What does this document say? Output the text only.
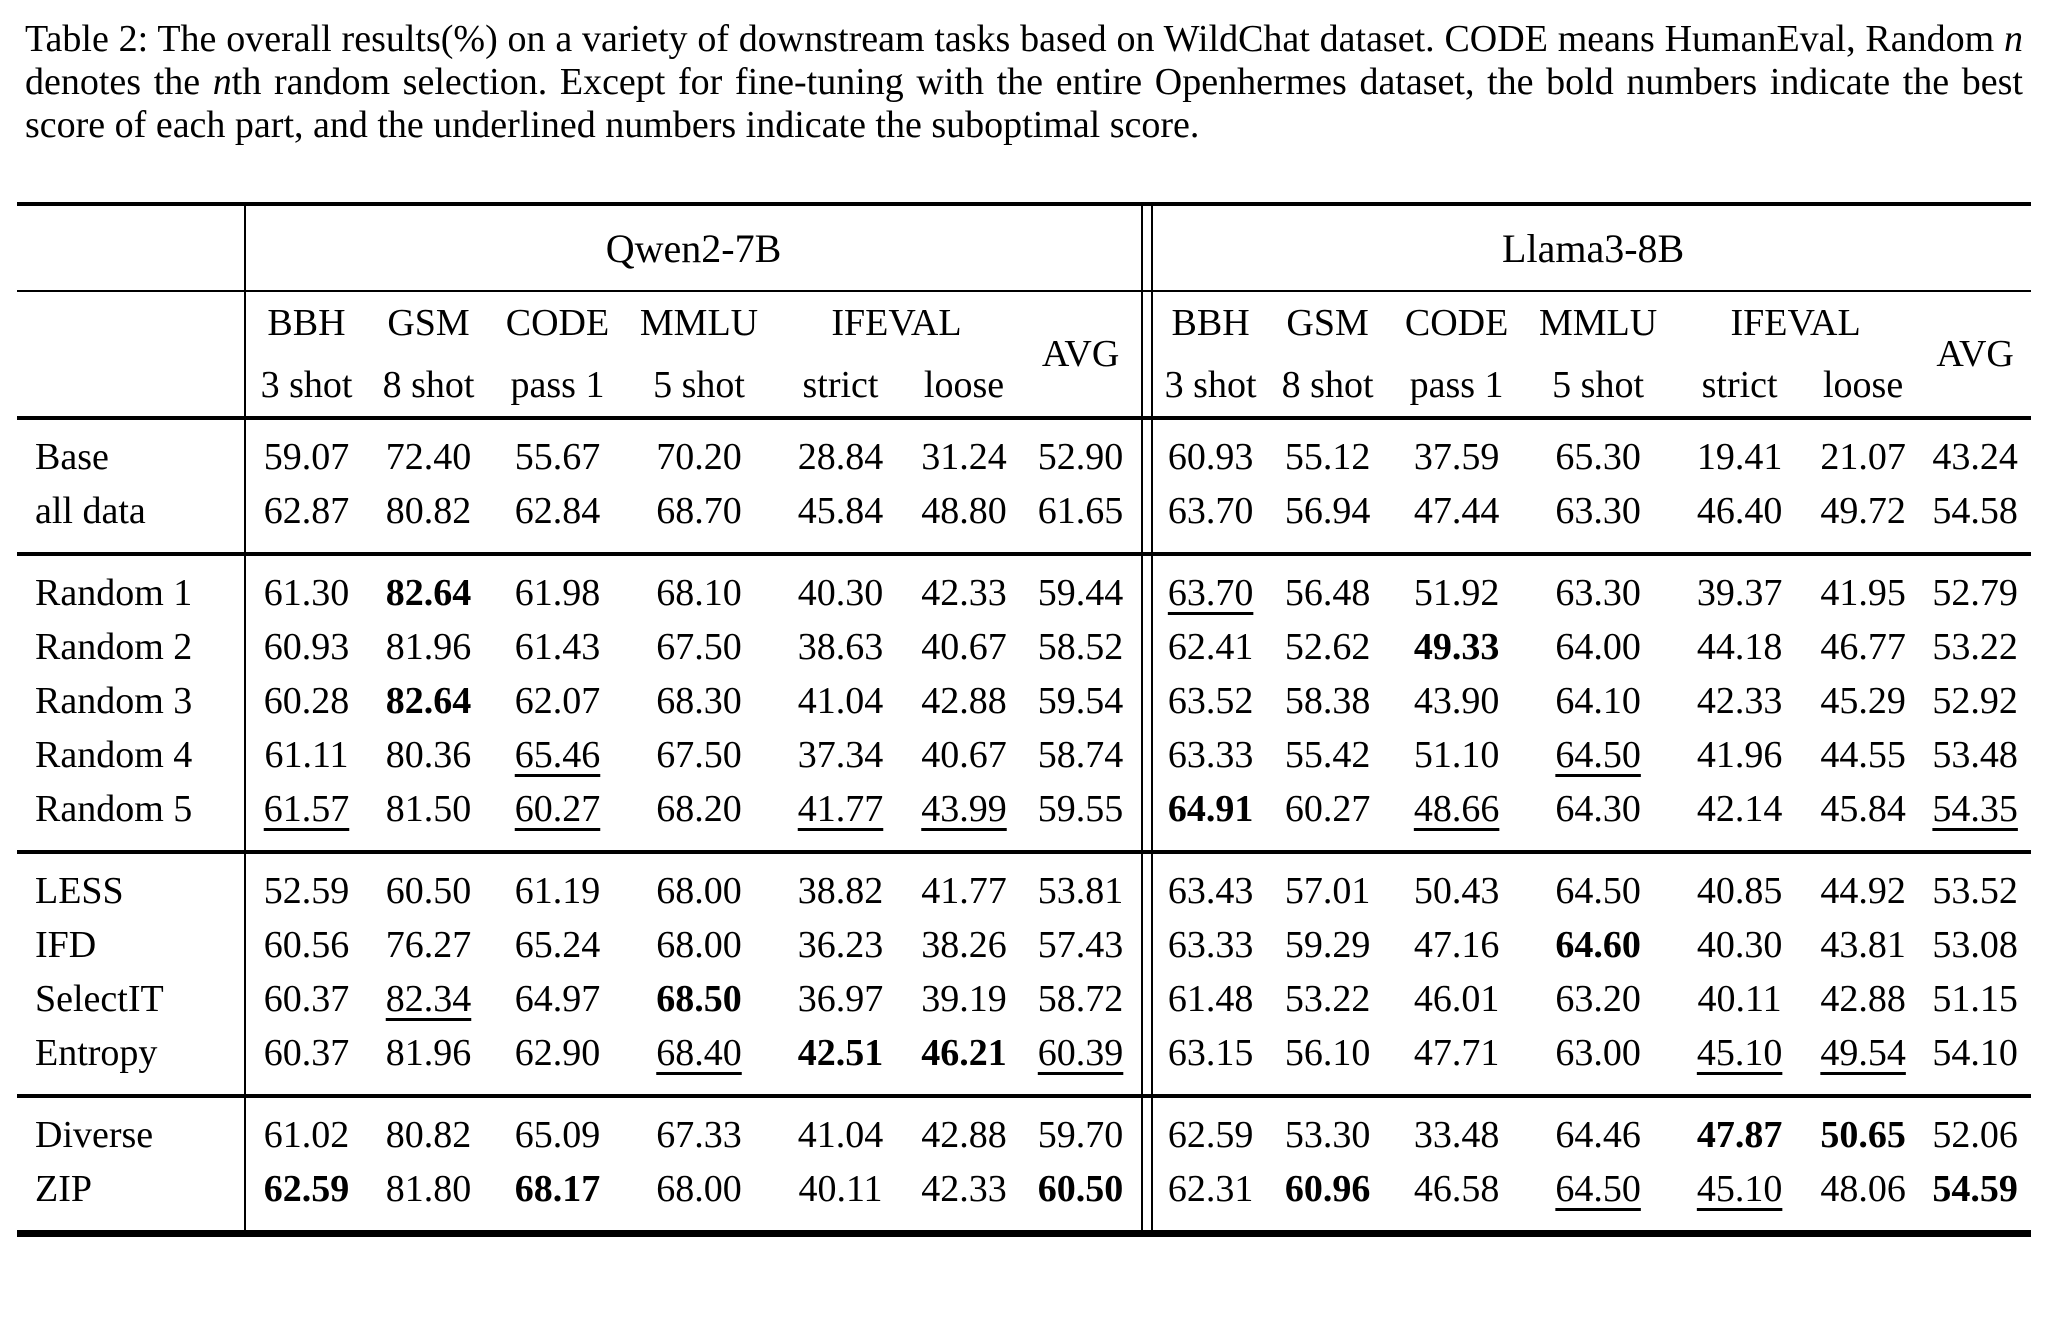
Table 2: The overall results(%) on a variety of downstream tasks based on WildChat dataset. CODE means HumanEval, Random n denotes the nth random selection. Except for fine-tuning with the entire Openhermes dataset, the bold numbers indicate the best score of each part, and the underlined numbers indicate the suboptimal score.

	Qwen2-7B							Llama3-8B						
	BBH	GSM	CODE	MMLU	IFEVAL		AVG	BBH	GSM	CODE	MMLU	IFEVAL		AVG
	3 shot	8 shot	pass 1	5 shot	strict	loose		3 shot	8 shot	pass 1	5 shot	strict	loose	
Base	59.07	72.40	55.67	70.20	28.84	31.24	52.90	60.93	55.12	37.59	65.30	19.41	21.07	43.24
all data	62.87	80.82	62.84	68.70	45.84	48.80	61.65	63.70	56.94	47.44	63.30	46.40	49.72	54.58
Random 1	61.30	82.64	61.98	68.10	40.30	42.33	59.44	63.70	56.48	51.92	63.30	39.37	41.95	52.79
Random 2	60.93	81.96	61.43	67.50	38.63	40.67	58.52	62.41	52.62	49.33	64.00	44.18	46.77	53.22
Random 3	60.28	82.64	62.07	68.30	41.04	42.88	59.54	63.52	58.38	43.90	64.10	42.33	45.29	52.92
Random 4	61.11	80.36	65.46	67.50	37.34	40.67	58.74	63.33	55.42	51.10	64.50	41.96	44.55	53.48
Random 5	61.57	81.50	60.27	68.20	41.77	43.99	59.55	64.91	60.27	48.66	64.30	42.14	45.84	54.35
LESS	52.59	60.50	61.19	68.00	38.82	41.77	53.81	63.43	57.01	50.43	64.50	40.85	44.92	53.52
IFD	60.56	76.27	65.24	68.00	36.23	38.26	57.43	63.33	59.29	47.16	64.60	40.30	43.81	53.08
SelectIT	60.37	82.34	64.97	68.50	36.97	39.19	58.72	61.48	53.22	46.01	63.20	40.11	42.88	51.15
Entropy	60.37	81.96	62.90	68.40	42.51	46.21	60.39	63.15	56.10	47.71	63.00	45.10	49.54	54.10
Diverse	61.02	80.82	65.09	67.33	41.04	42.88	59.70	62.59	53.30	33.48	64.46	47.87	50.65	52.06
ZIP	62.59	81.80	68.17	68.00	40.11	42.33	60.50	62.31	60.96	46.58	64.50	45.10	48.06	54.59
